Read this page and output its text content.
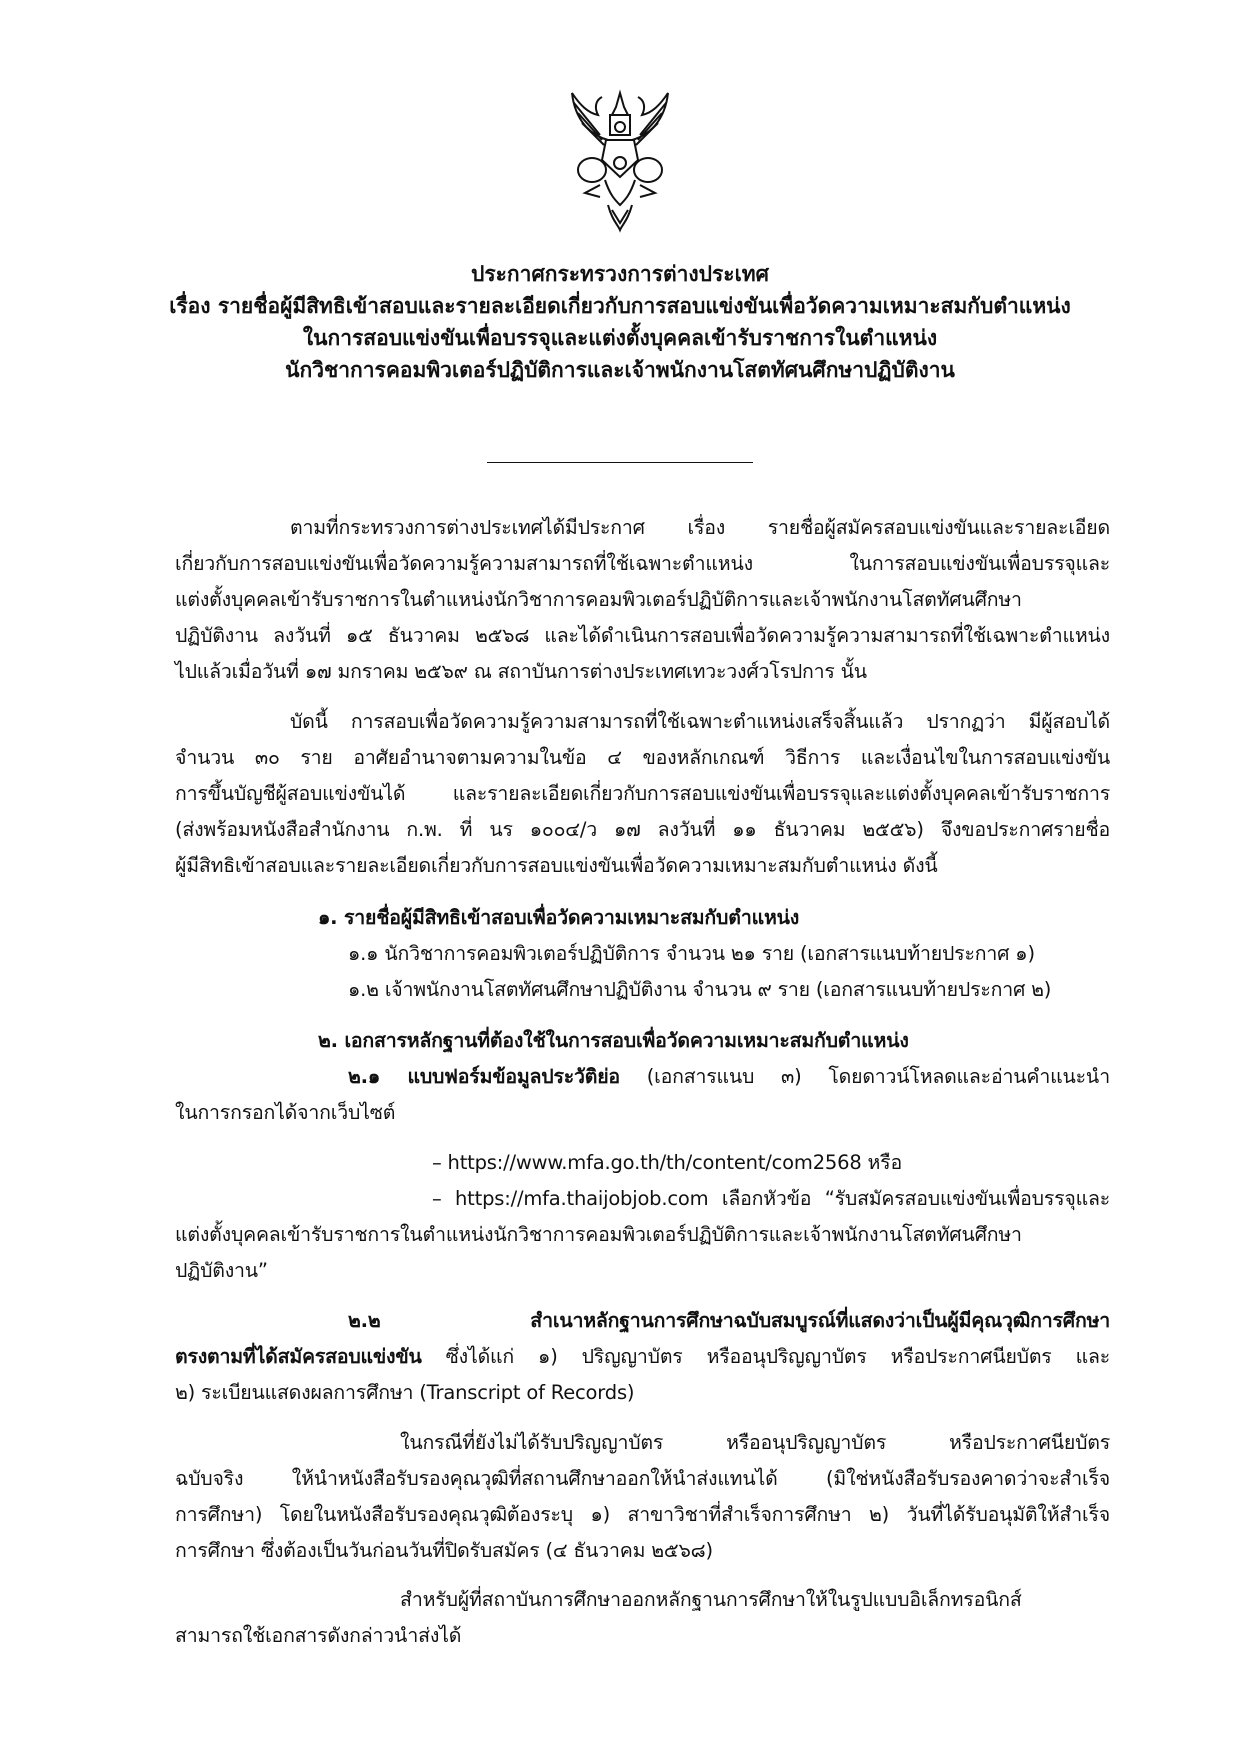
ประกาศกระทรวงการต่างประเทศ
เรื่อง รายชื่อผู้มีสิทธิเข้าสอบและรายละเอียดเกี่ยวกับการสอบแข่งขันเพื่อวัดความเหมาะสมกับตำแหน่ง
ในการสอบแข่งขันเพื่อบรรจุและแต่งตั้งบุคคลเข้ารับราชการในตำแหน่ง
นักวิชาการคอมพิวเตอร์ปฏิบัติการและเจ้าพนักงานโสตทัศนศึกษาปฏิบัติงาน
ตามที่กระทรวงการต่างประเทศได้มีประกาศ เรื่อง รายชื่อผู้สมัครสอบแข่งขันและรายละเอียด
เกี่ยวกับการสอบแข่งขันเพื่อวัดความรู้ความสามารถที่ใช้เฉพาะตำแหน่ง ในการสอบแข่งขันเพื่อบรรจุและ
แต่งตั้งบุคคลเข้ารับราชการในตำแหน่งนักวิชาการคอมพิวเตอร์ปฏิบัติการและเจ้าพนักงานโสตทัศนศึกษา
ปฏิบัติงาน ลงวันที่ ๑๕ ธันวาคม ๒๕๖๘ และได้ดำเนินการสอบเพื่อวัดความรู้ความสามารถที่ใช้เฉพาะตำแหน่ง
ไปแล้วเมื่อวันที่ ๑๗ มกราคม ๒๕๖๙ ณ สถาบันการต่างประเทศเทวะวงศ์วโรปการ นั้น
บัดนี้ การสอบเพื่อวัดความรู้ความสามารถที่ใช้เฉพาะตำแหน่งเสร็จสิ้นแล้ว ปรากฏว่า มีผู้สอบได้
จำนวน ๓๐ ราย อาศัยอำนาจตามความในข้อ ๔ ของหลักเกณฑ์ วิธีการ และเงื่อนไขในการสอบแข่งขัน
การขึ้นบัญชีผู้สอบแข่งขันได้ และรายละเอียดเกี่ยวกับการสอบแข่งขันเพื่อบรรจุและแต่งตั้งบุคคลเข้ารับราชการ
(ส่งพร้อมหนังสือสำนักงาน ก.พ. ที่ นร ๑๐๐๔/ว ๑๗ ลงวันที่ ๑๑ ธันวาคม ๒๕๕๖) จึงขอประกาศรายชื่อ
ผู้มีสิทธิเข้าสอบและรายละเอียดเกี่ยวกับการสอบแข่งขันเพื่อวัดความเหมาะสมกับตำแหน่ง ดังนี้
๑. รายชื่อผู้มีสิทธิเข้าสอบเพื่อวัดความเหมาะสมกับตำแหน่ง
๑.๑ นักวิชาการคอมพิวเตอร์ปฏิบัติการ จำนวน ๒๑ ราย (เอกสารแนบท้ายประกาศ ๑)
๑.๒ เจ้าพนักงานโสตทัศนศึกษาปฏิบัติงาน จำนวน ๙ ราย (เอกสารแนบท้ายประกาศ ๒)
๒. เอกสารหลักฐานที่ต้องใช้ในการสอบเพื่อวัดความเหมาะสมกับตำแหน่ง
๒.๑ แบบฟอร์มข้อมูลประวัติย่อ (เอกสารแนบ ๓) โดยดาวน์โหลดและอ่านคำแนะนำ
ในการกรอกได้จากเว็บไซต์
– https://www.mfa.go.th/th/content/com2568 หรือ
– https://mfa.thaijobjob.com เลือกหัวข้อ “รับสมัครสอบแข่งขันเพื่อบรรจุและ
แต่งตั้งบุคคลเข้ารับราชการในตำแหน่งนักวิชาการคอมพิวเตอร์ปฏิบัติการและเจ้าพนักงานโสตทัศนศึกษา
ปฏิบัติงาน”
๒.๒ สำเนาหลักฐานการศึกษาฉบับสมบูรณ์ที่แสดงว่าเป็นผู้มีคุณวุฒิการศึกษา
ตรงตามที่ได้สมัครสอบแข่งขัน ซึ่งได้แก่ ๑) ปริญญาบัตร หรืออนุปริญญาบัตร หรือประกาศนียบัตร และ
๒) ระเบียนแสดงผลการศึกษา (Transcript of Records)
ในกรณีที่ยังไม่ได้รับปริญญาบัตร หรืออนุปริญญาบัตร หรือประกาศนียบัตร
ฉบับจริง ให้นำหนังสือรับรองคุณวุฒิที่สถานศึกษาออกให้นำส่งแทนได้ (มิใช่หนังสือรับรองคาดว่าจะสำเร็จ
การศึกษา) โดยในหนังสือรับรองคุณวุฒิต้องระบุ ๑) สาขาวิชาที่สำเร็จการศึกษา ๒) วันที่ได้รับอนุมัติให้สำเร็จ
การศึกษา ซึ่งต้องเป็นวันก่อนวันที่ปิดรับสมัคร (๔ ธันวาคม ๒๕๖๘)
สำหรับผู้ที่สถาบันการศึกษาออกหลักฐานการศึกษาให้ในรูปแบบอิเล็กทรอนิกส์
สามารถใช้เอกสารดังกล่าวนำส่งได้
